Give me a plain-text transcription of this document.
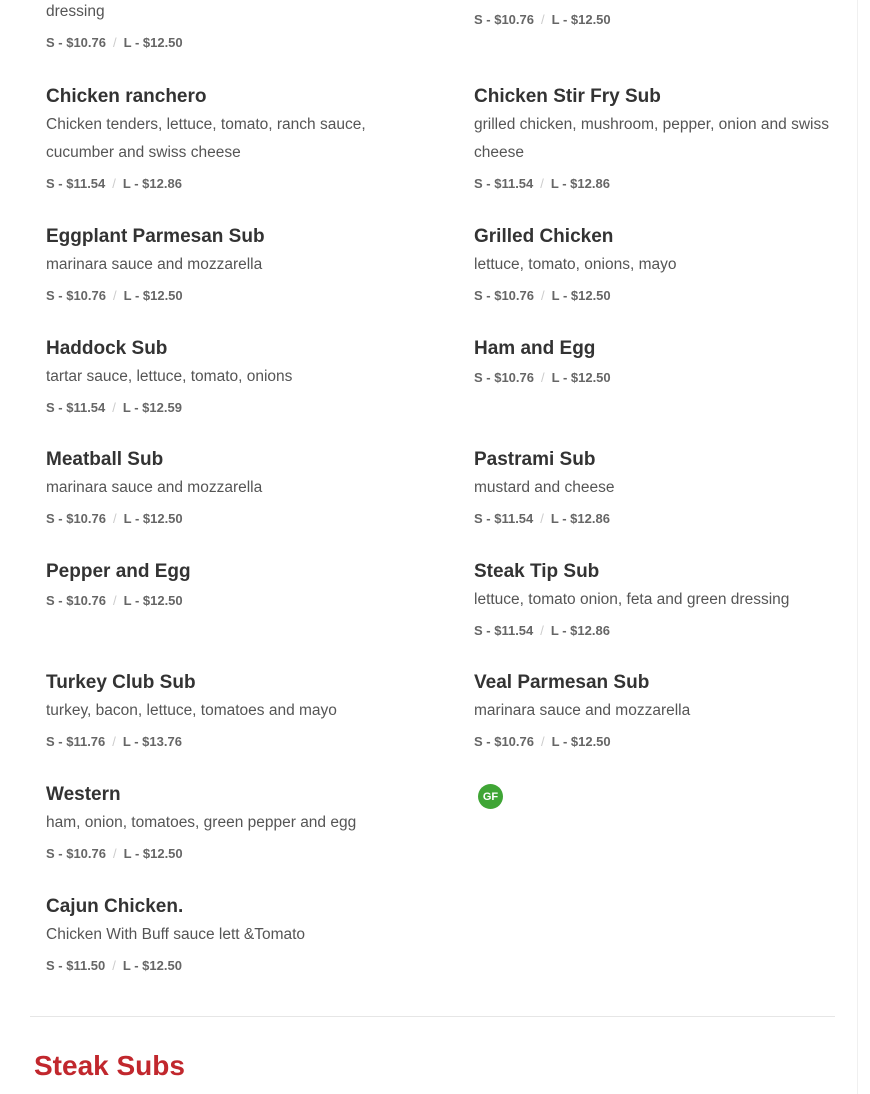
dressing
S - $10.76 / L - $12.50
S - $10.76 / L - $12.50
Chicken ranchero
Chicken tenders, lettuce, tomato, ranch sauce, cucumber and swiss cheese
S - $11.54 / L - $12.86
Chicken Stir Fry Sub
grilled chicken, mushroom, pepper, onion and swiss cheese
S - $11.54 / L - $12.86
Eggplant Parmesan Sub
marinara sauce and mozzarella
S - $10.76 / L - $12.50
Grilled Chicken
lettuce, tomato, onions, mayo
S - $10.76 / L - $12.50
Haddock Sub
tartar sauce, lettuce, tomato, onions
S - $11.54 / L - $12.59
Ham and Egg
S - $10.76 / L - $12.50
Meatball Sub
marinara sauce and mozzarella
S - $10.76 / L - $12.50
Pastrami Sub
mustard and cheese
S - $11.54 / L - $12.86
Pepper and Egg
S - $10.76 / L - $12.50
Steak Tip Sub
lettuce, tomato onion, feta and green dressing
S - $11.54 / L - $12.86
Turkey Club Sub
turkey, bacon, lettuce, tomatoes and mayo
S - $11.76 / L - $13.76
Veal Parmesan Sub
marinara sauce and mozzarella
S - $10.76 / L - $12.50
Western
ham, onion, tomatoes, green pepper and egg
S - $10.76 / L - $12.50
GF
Cajun Chicken.
Chicken With Buff sauce lett &Tomato
S - $11.50 / L - $12.50
Steak Subs
